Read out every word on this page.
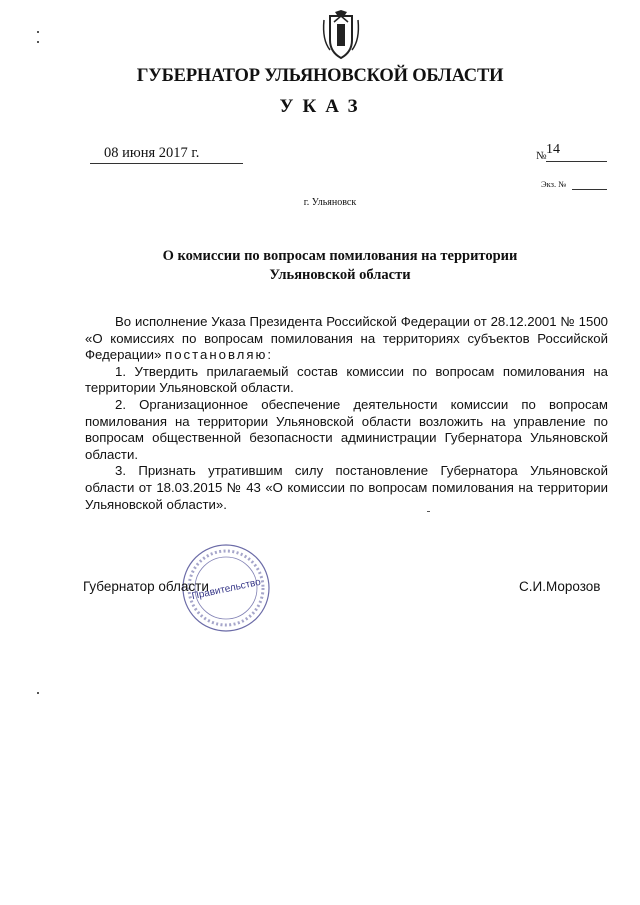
ГУБЕРНАТОР УЛЬЯНОВСКОЙ ОБЛАСТИ
УКАЗ
08 июня 2017 г.	№ 14
Экз. №
г. Ульяновск
О комиссии по вопросам помилования на территории
Ульяновской области

Во исполнение Указа Президента Российской Федерации от 28.12.2001 № 1500 «О комиссиях по вопросам помилования на территориях субъектов Российской Федерации» постановляю:

1. Утвердить прилагаемый состав комиссии по вопросам помилования на территории Ульяновской области.

2. Организационное обеспечение деятельности комиссии по вопросам помилования на территории Ульяновской области возложить на управление по вопросам общественной безопасности администрации Губернатора Ульяновской области.

3. Признать утратившим силу постановление Губернатора Ульяновской области от 18.03.2015 № 43 «О комиссии по вопросам помилования на территории Ульяновской области».

Правительство
Губернатор области	С.И.Морозов
